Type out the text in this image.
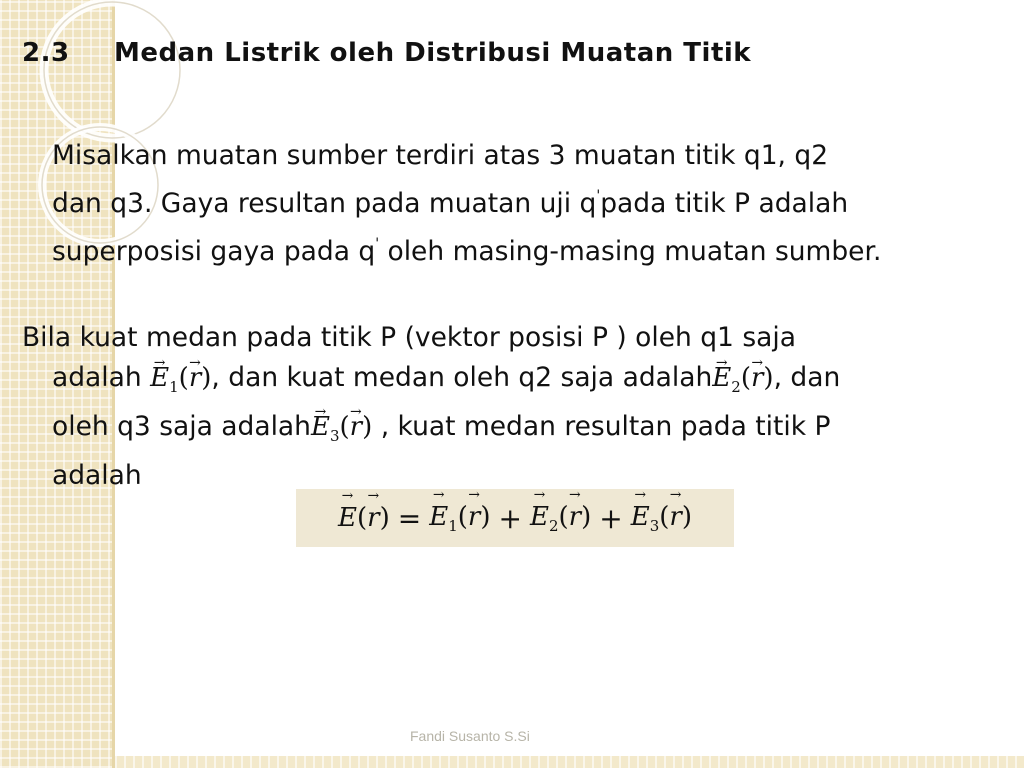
2.3 Medan Listrik oleh Distribusi Muatan Titik
Misalkan muatan sumber terdiri atas 3 muatan titik q1, q2
dan q3. Gaya resultan pada muatan uji q'pada titik P adalah
superposisi gaya pada q' oleh masing-masing muatan sumber.
Bila kuat medan pada titik P (vektor posisi P ) oleh q1 saja
adalah → $E_1(\to r)$, dan kuat medan oleh q2 saja adalah→ $E_2(\to r)$, dan
oleh q3 saja adalah→ $E_3(\to r)$ , kuat medan resultan pada titik P
adalah
→ E(→ r) = → $E_1(\to r)$ + → $E_2(\to r)$ + → $E_3(\to r)$
Fandi Susanto S.Si
